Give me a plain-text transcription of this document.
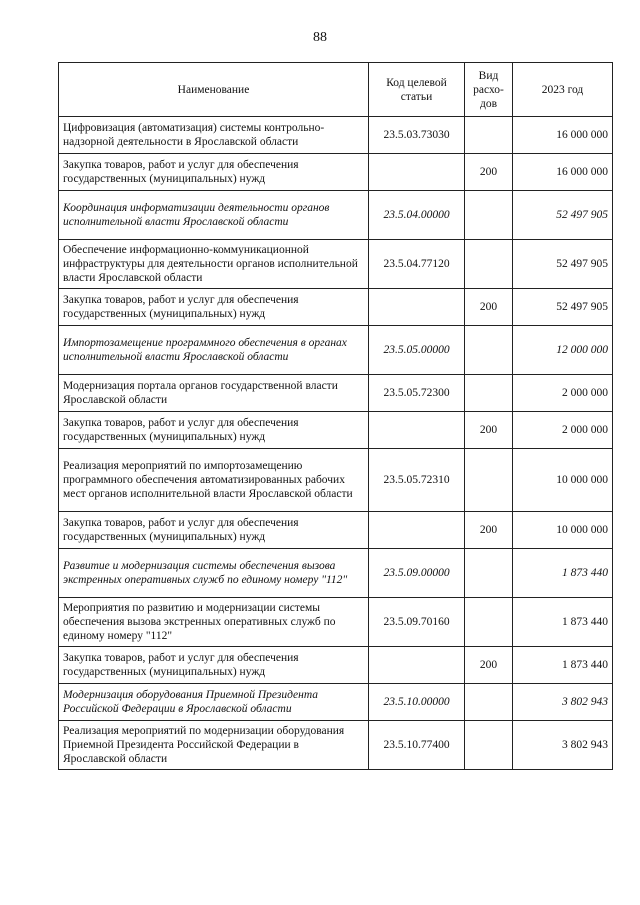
88
Наименование	Код целевой статьи	Вид расхо-дов	2023 год
Цифровизация (автоматизация) системы контрольно-надзорной деятельности в Ярославской области	23.5.03.73030		16 000 000
Закупка товаров, работ и услуг для обеспечения государственных (муниципальных) нужд		200	16 000 000
Координация информатизации деятельности органов исполнительной власти Ярославской области	23.5.04.00000		52 497 905
Обеспечение информационно-коммуникационной инфраструктуры для деятельности органов исполнительной власти Ярославской области	23.5.04.77120		52 497 905
Закупка товаров, работ и услуг для обеспечения государственных (муниципальных) нужд		200	52 497 905
Импортозамещение программного обеспечения в органах исполнительной власти Ярославской области	23.5.05.00000		12 000 000
Модернизация портала органов государственной власти Ярославской области	23.5.05.72300		2 000 000
Закупка товаров, работ и услуг для обеспечения государственных (муниципальных) нужд		200	2 000 000
Реализация мероприятий по импортозамещению программного обеспечения автоматизированных рабочих мест органов исполнительной власти Ярославской области	23.5.05.72310		10 000 000
Закупка товаров, работ и услуг для обеспечения государственных (муниципальных) нужд		200	10 000 000
Развитие и модернизация системы обеспечения вызова экстренных оперативных служб по единому номеру "112"	23.5.09.00000		1 873 440
Мероприятия по развитию и модернизации системы обеспечения вызова экстренных оперативных служб по единому номеру "112"	23.5.09.70160		1 873 440
Закупка товаров, работ и услуг для обеспечения государственных (муниципальных) нужд		200	1 873 440
Модернизация оборудования Приемной Президента Российской Федерации в Ярославской области	23.5.10.00000		3 802 943
Реализация мероприятий по модернизации оборудования Приемной Президента Российской Федерации в Ярославской области	23.5.10.77400		3 802 943
